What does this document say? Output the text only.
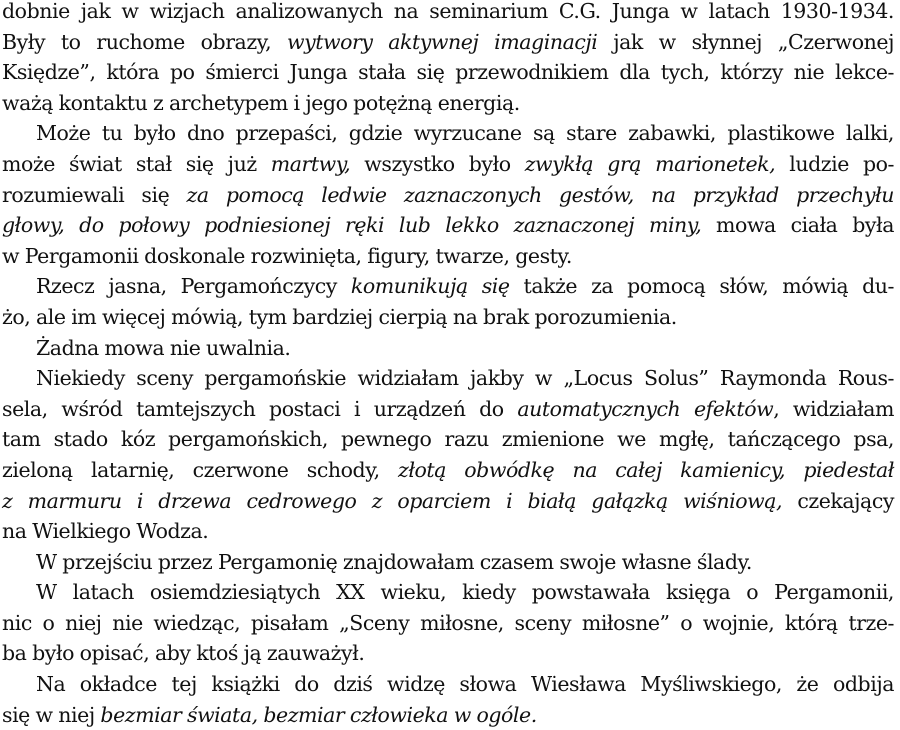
dobnie jak w wizjach analizowanych na seminarium C.G. Junga w latach 1930-1934.
Były to ruchome obrazy, wytwory aktywnej imaginacji jak w słynnej „Czerwonej
Księdze”, która po śmierci Junga stała się przewodnikiem dla tych, którzy nie lekce-
ważą kontaktu z archetypem i jego potężną energią.
Może tu było dno przepaści, gdzie wyrzucane są stare zabawki, plastikowe lalki,
może świat stał się już martwy, wszystko było zwykłą grą marionetek, ludzie po-
rozumiewali się za pomocą ledwie zaznaczonych gestów, na przykład przechyłu
głowy, do połowy podniesionej ręki lub lekko zaznaczonej miny, mowa ciała była
w Pergamonii doskonale rozwinięta, figury, twarze, gesty.
Rzecz jasna, Pergamończycy komunikują się także za pomocą słów, mówią du-
żo, ale im więcej mówią, tym bardziej cierpią na brak porozumienia.
Żadna mowa nie uwalnia.
Niekiedy sceny pergamońskie widziałam jakby w „Locus Solus” Raymonda Rous-
sela, wśród tamtejszych postaci i urządzeń do automatycznych efektów, widziałam
tam stado kóz pergamońskich, pewnego razu zmienione we mgłę, tańczącego psa,
zieloną latarnię, czerwone schody, złotą obwódkę na całej kamienicy, piedestał
z marmuru i drzewa cedrowego z oparciem i białą gałązką wiśniową, czekający
na Wielkiego Wodza.
W przejściu przez Pergamonię znajdowałam czasem swoje własne ślady.
W latach osiemdziesiątych XX wieku, kiedy powstawała księga o Pergamonii,
nic o niej nie wiedząc, pisałam „Sceny miłosne, sceny miłosne” o wojnie, którą trze-
ba było opisać, aby ktoś ją zauważył.
Na okładce tej książki do dziś widzę słowa Wiesława Myśliwskiego, że odbija
się w niej bezmiar świata, bezmiar człowieka w ogóle.
